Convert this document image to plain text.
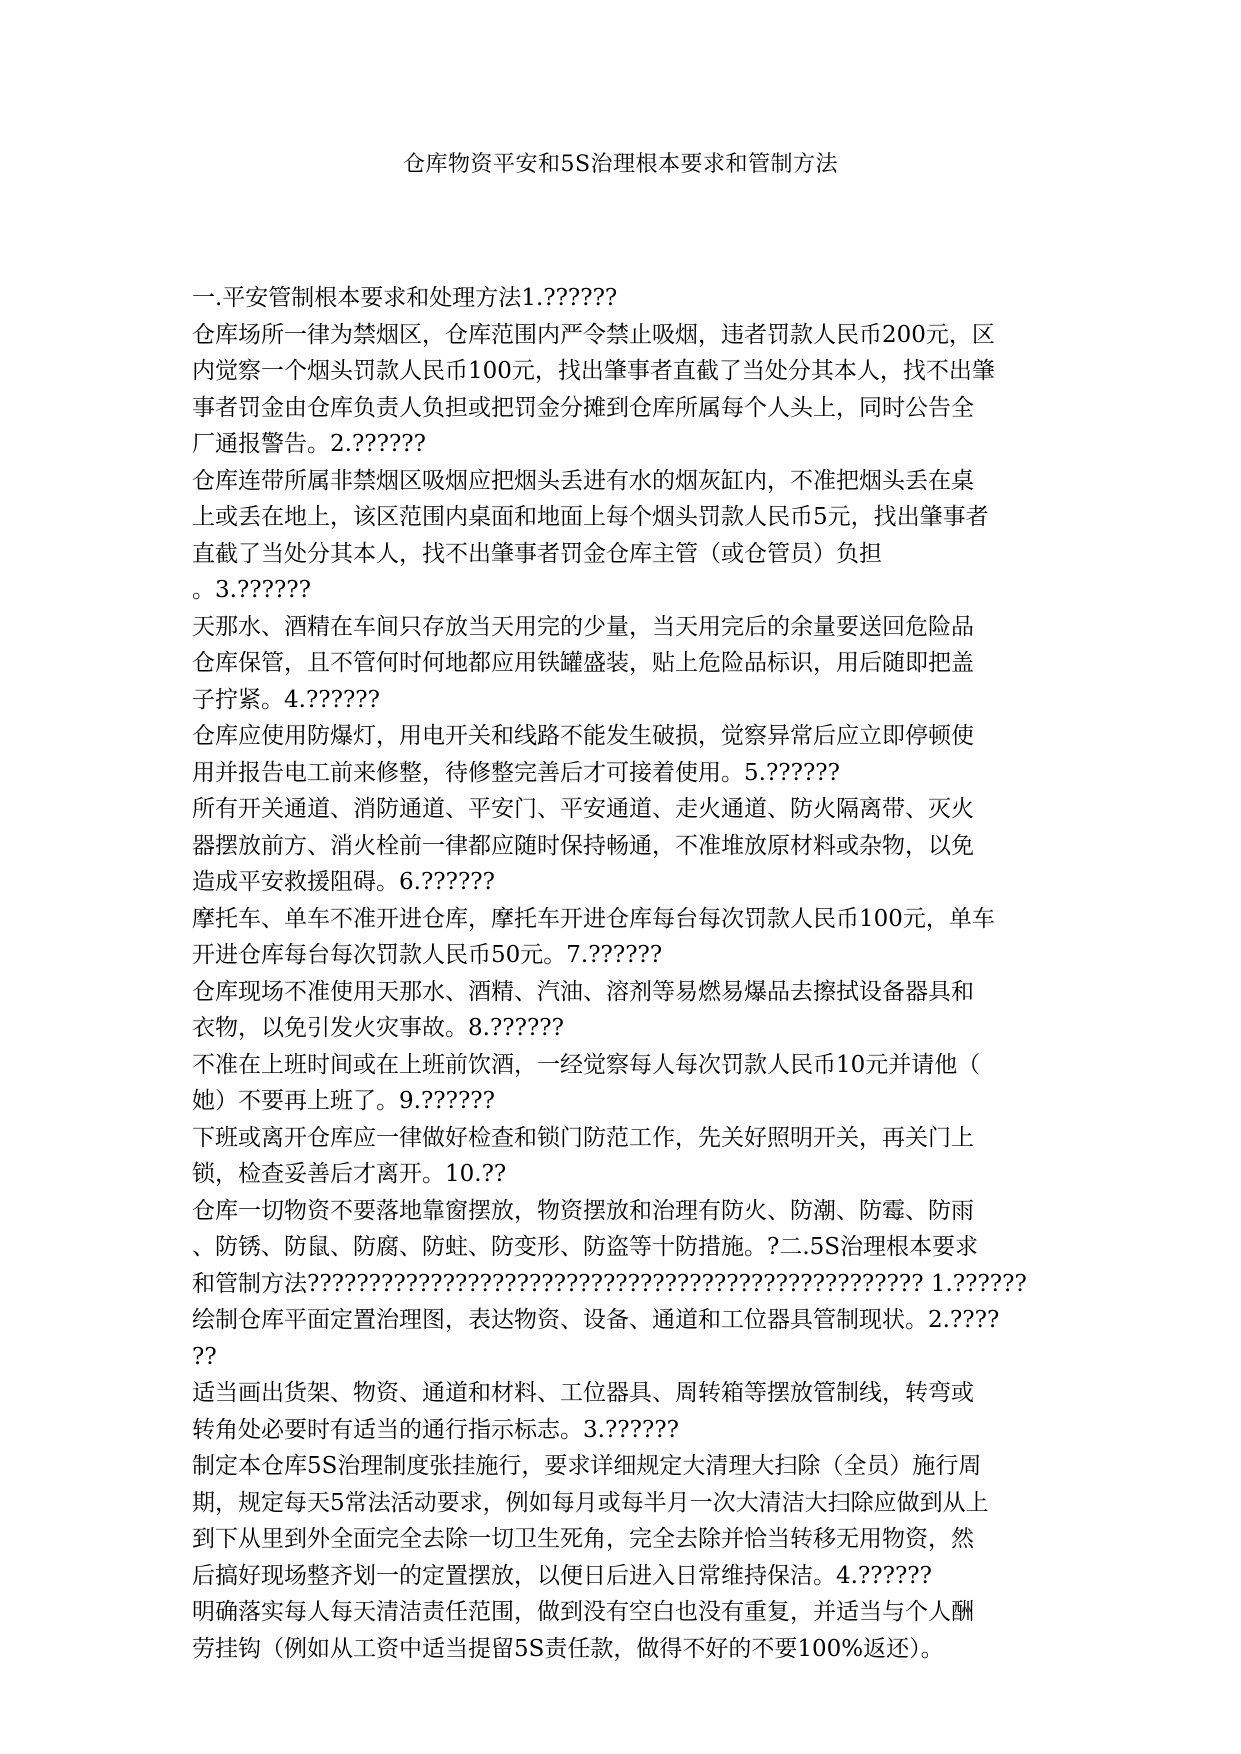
仓库物资平安和5S治理根本要求和管制方法
一.平安管制根本要求和处理方法1.??????
仓库场所一律为禁烟区，仓库范围内严令禁止吸烟，违者罚款人民币200元，区
内觉察一个烟头罚款人民币100元，找出肇事者直截了当处分其本人，找不出肇
事者罚金由仓库负责人负担或把罚金分摊到仓库所属每个人头上，同时公告全
厂通报警告。2.??????
仓库连带所属非禁烟区吸烟应把烟头丢进有水的烟灰缸内，不准把烟头丢在桌
上或丢在地上，该区范围内桌面和地面上每个烟头罚款人民币5元，找出肇事者
直截了当处分其本人，找不出肇事者罚金仓库主管（或仓管员）负担
。3.??????
天那水、酒精在车间只存放当天用完的少量，当天用完后的余量要送回危险品
仓库保管，且不管何时何地都应用铁罐盛装，贴上危险品标识，用后随即把盖
子拧紧。4.??????
仓库应使用防爆灯，用电开关和线路不能发生破损，觉察异常后应立即停顿使
用并报告电工前来修整，待修整完善后才可接着使用。5.??????
所有开关通道、消防通道、平安门、平安通道、走火通道、防火隔离带、灭火
器摆放前方、消火栓前一律都应随时保持畅通，不准堆放原材料或杂物，以免
造成平安救援阻碍。6.??????
摩托车、单车不准开进仓库，摩托车开进仓库每台每次罚款人民币100元，单车
开进仓库每台每次罚款人民币50元。7.??????
仓库现场不准使用天那水、酒精、汽油、溶剂等易燃易爆品去擦拭设备器具和
衣物，以免引发火灾事故。8.??????
不准在上班时间或在上班前饮酒，一经觉察每人每次罚款人民币10元并请他（
她）不要再上班了。9.??????
下班或离开仓库应一律做好检查和锁门防范工作，先关好照明开关，再关门上
锁，检查妥善后才离开。10.??
仓库一切物资不要落地靠窗摆放，物资摆放和治理有防火、防潮、防霉、防雨
、防锈、防鼠、防腐、防蛀、防变形、防盗等十防措施。?二.5S治理根本要求
和管制方法?????????????????????????????????????????????????? 1.??????
绘制仓库平面定置治理图，表达物资、设备、通道和工位器具管制现状。2.????
??
适当画出货架、物资、通道和材料、工位器具、周转箱等摆放管制线，转弯或
转角处必要时有适当的通行指示标志。3.??????
制定本仓库5S治理制度张挂施行，要求详细规定大清理大扫除（全员）施行周
期，规定每天5常法活动要求，例如每月或每半月一次大清洁大扫除应做到从上
到下从里到外全面完全去除一切卫生死角，完全去除并恰当转移无用物资，然
后搞好现场整齐划一的定置摆放，以便日后进入日常维持保洁。4.??????
明确落实每人每天清洁责任范围，做到没有空白也没有重复，并适当与个人酬
劳挂钩（例如从工资中适当提留5S责任款，做得不好的不要100%返还）。
